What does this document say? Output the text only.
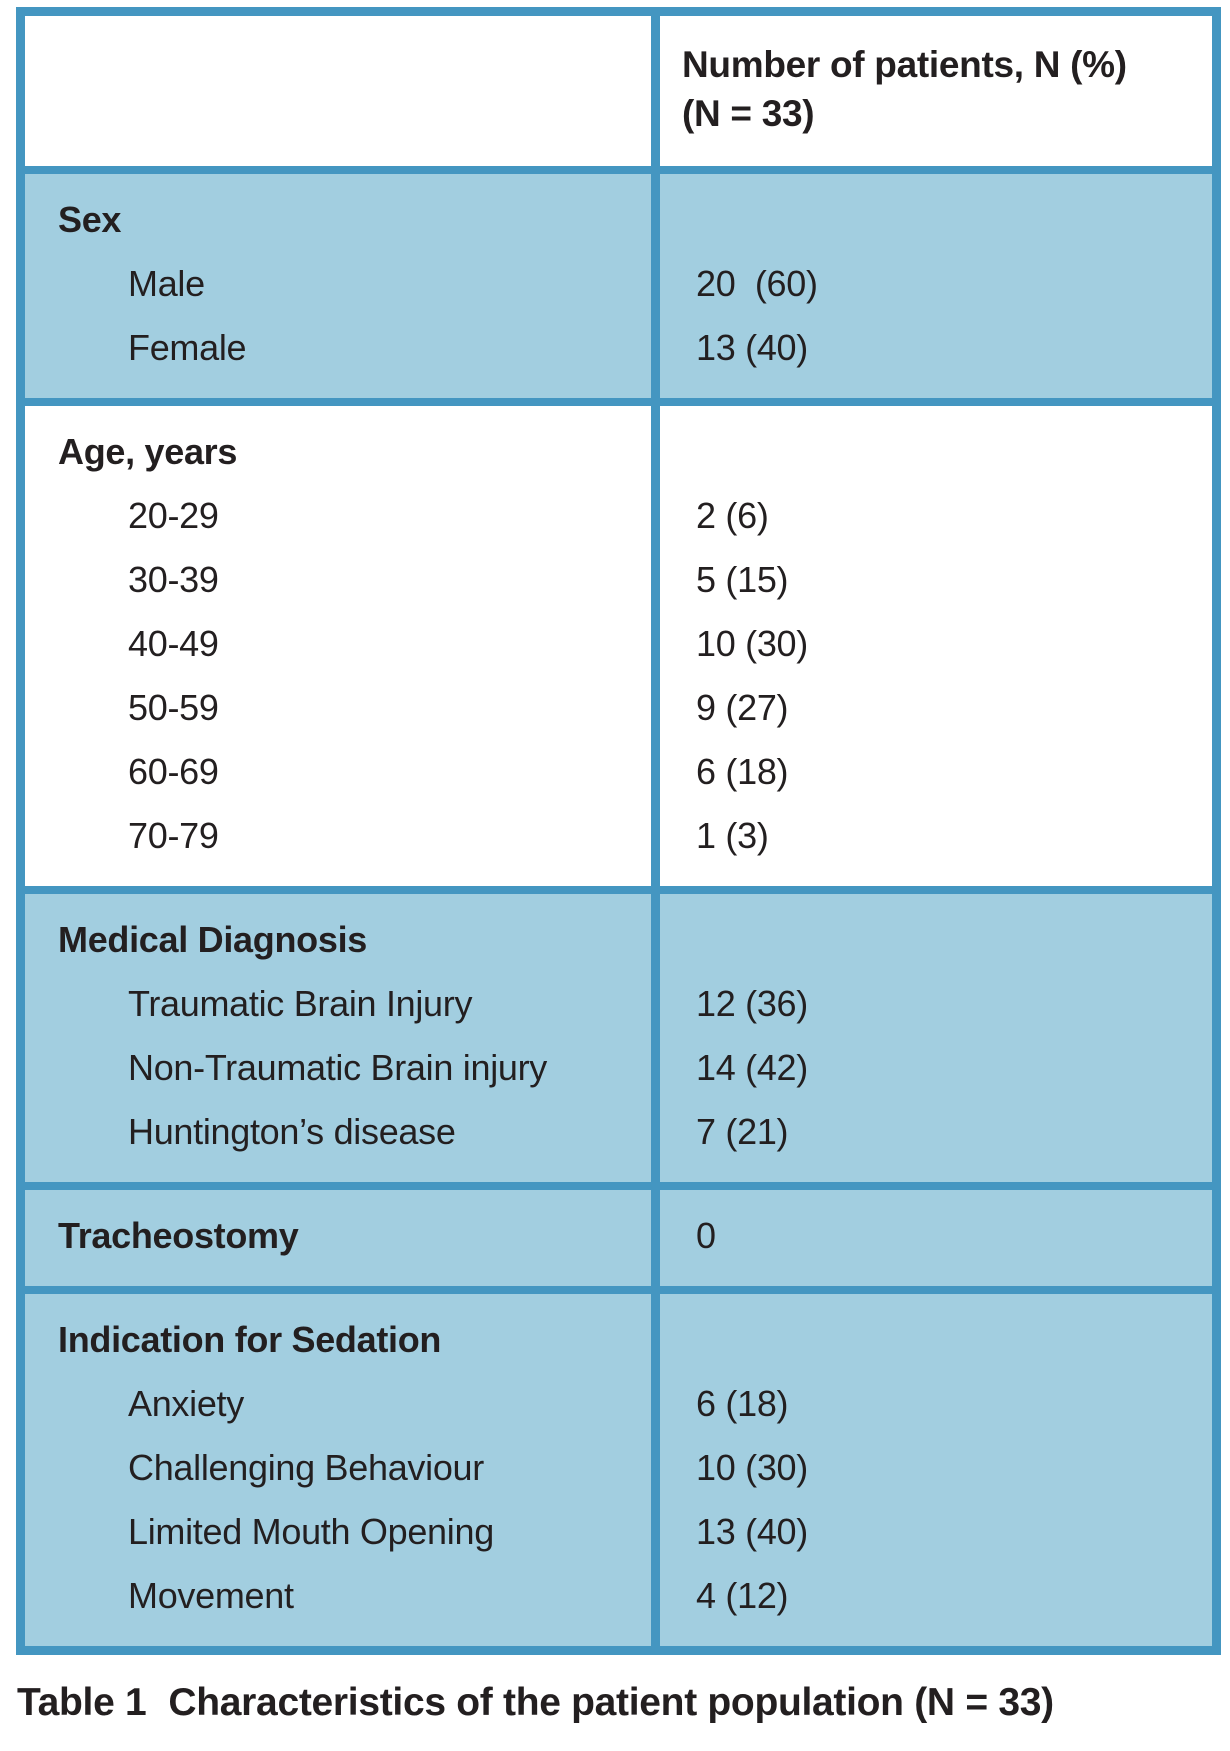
Number of patients, N (%)
(N = 33)
Sex
Male
Female
20  (60)
13 (40)
Age, years
20-29
30-39
40-49
50-59
60-69
70-79
2 (6)
5 (15)
10 (30)
9 (27)
6 (18)
1 (3)
Medical Diagnosis
Traumatic Brain Injury
Non-Traumatic Brain injury
Huntington’s disease
12 (36)
14 (42)
7 (21)
Tracheostomy	0
Indication for Sedation
Anxiety
Challenging Behaviour
Limited Mouth Opening
Movement
6 (18)
10 (30)
13 (40)
4 (12)
Table 1 Characteristics of the patient population (N = 33)
